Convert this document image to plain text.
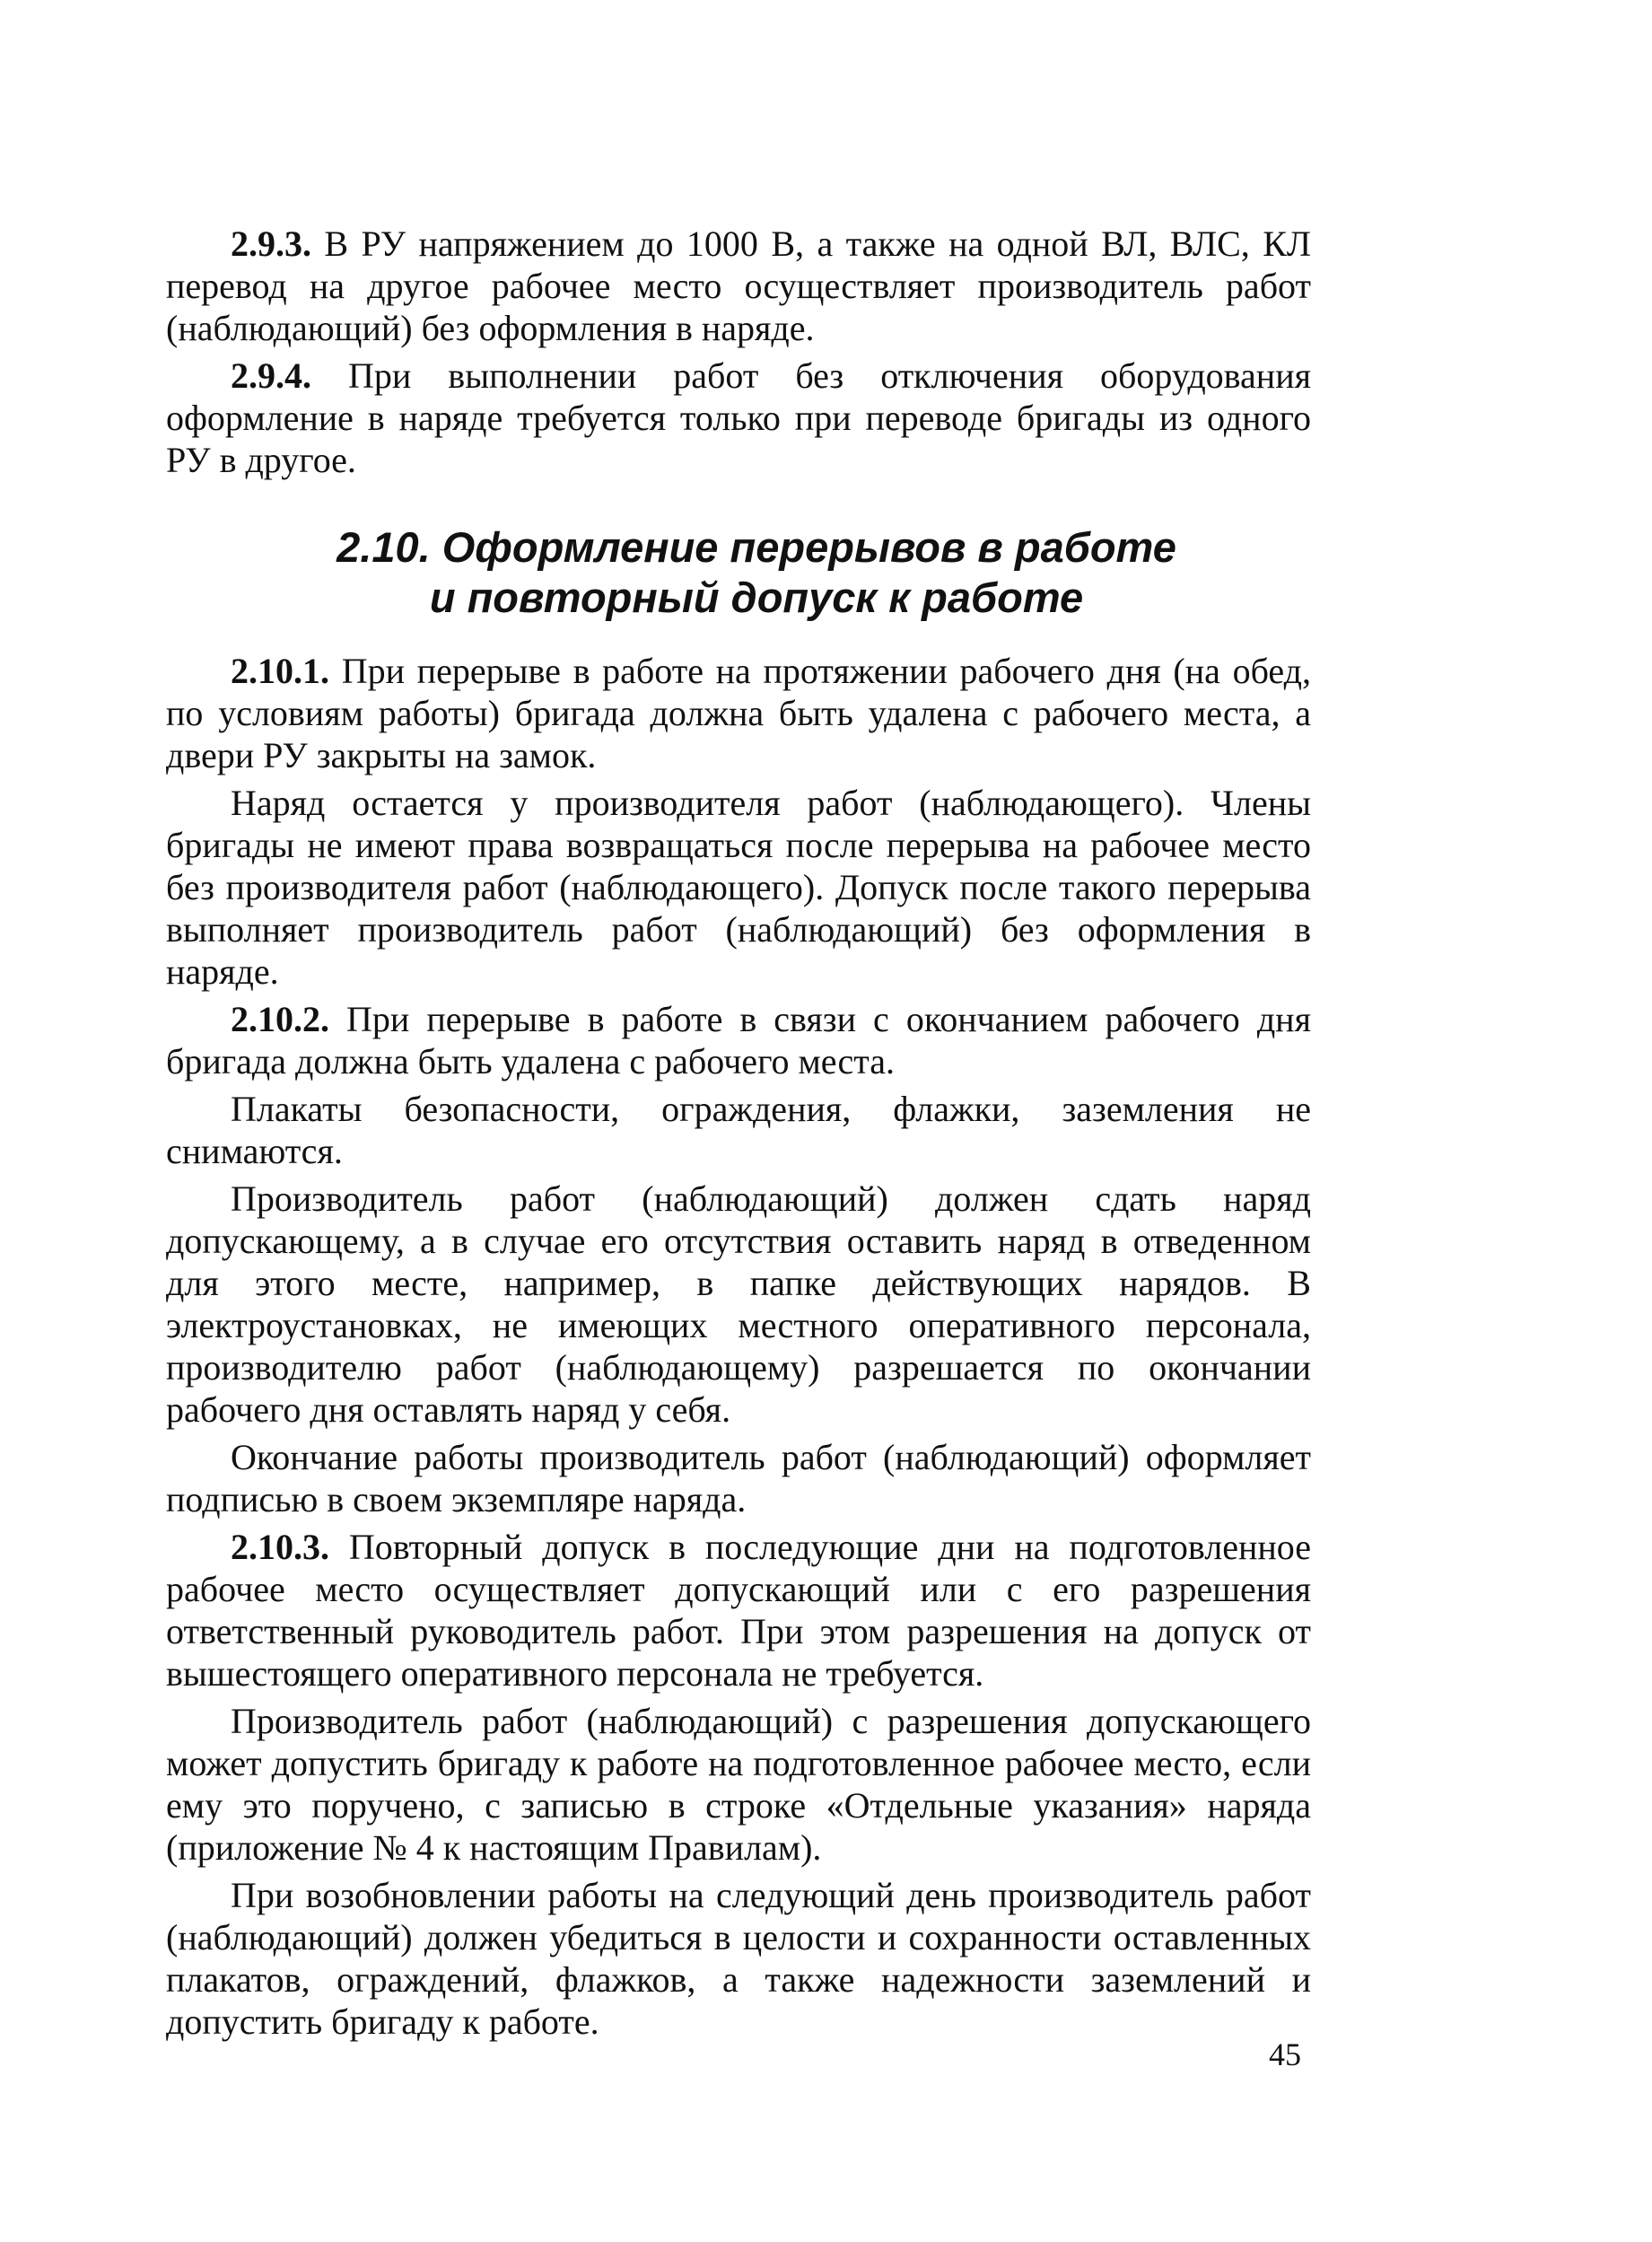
2.9.3. В РУ напряжением до 1000 В, а также на одной ВЛ, ВЛС, КЛ перевод на другое рабочее место осуществляет производитель работ (наблюдающий) без оформления в наряде.

2.9.4. При выполнении работ без отключения оборудования оформление в наряде требуется только при переводе бригады из одного РУ в другое.

2.10. Оформление перерывов в работе
и повторный допуск к работе

2.10.1. При перерыве в работе на протяжении рабочего дня (на обед, по условиям работы) бригада должна быть удалена с рабочего места, а двери РУ закрыты на замок.

Наряд остается у производителя работ (наблюдающего). Члены бригады не имеют права возвращаться после перерыва на рабочее место без производителя работ (наблюдающего). Допуск после такого перерыва выполняет производитель работ (наблюдающий) без оформления в наряде.

2.10.2. При перерыве в работе в связи с окончанием рабочего дня бригада должна быть удалена с рабочего места.

Плакаты безопасности, ограждения, флажки, заземления не снимаются.

Производитель работ (наблюдающий) должен сдать наряд допускающему, а в случае его отсутствия оставить наряд в отведенном для этого месте, например, в папке действующих нарядов. В электроустановках, не имеющих местного оперативного персонала, производителю работ (наблюдающему) разрешается по окончании рабочего дня оставлять наряд у себя.

Окончание работы производитель работ (наблюдающий) оформляет подписью в своем экземпляре наряда.

2.10.3. Повторный допуск в последующие дни на подготовленное рабочее место осуществляет допускающий или с его разрешения ответственный руководитель работ. При этом разрешения на допуск от вышестоящего оперативного персонала не требуется.

Производитель работ (наблюдающий) с разрешения допускающего может допустить бригаду к работе на подготовленное рабочее место, если ему это поручено, с записью в строке «Отдельные указания» наряда (приложение № 4 к настоящим Правилам).

При возобновлении работы на следующий день производитель работ (наблюдающий) должен убедиться в целости и сохранности оставленных плакатов, ограждений, флажков, а также надежности заземлений и допустить бригаду к работе.

45
